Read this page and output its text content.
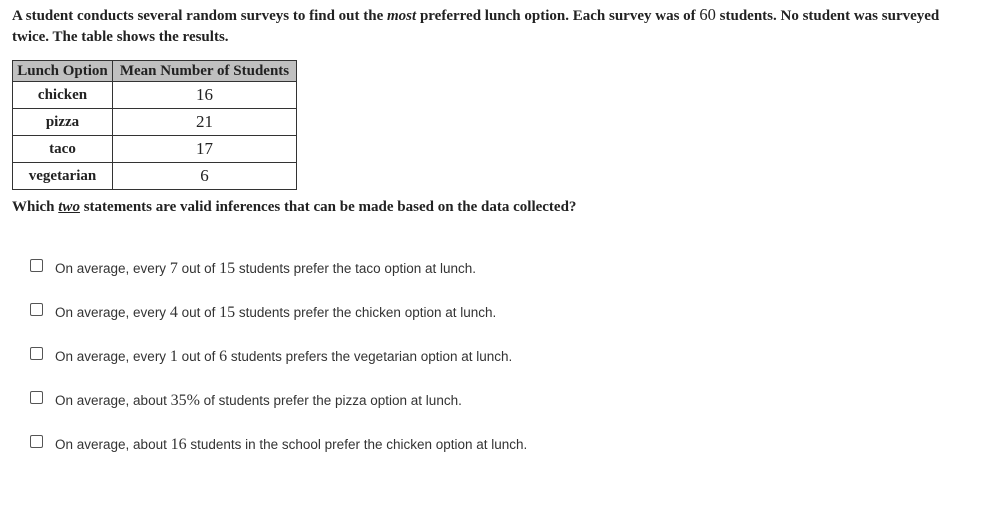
A student conducts several random surveys to find out the most preferred lunch option. Each survey was of 60 students. No student was surveyed
twice. The table shows the results.
Lunch Option	Mean Number of Students
chicken	16
pizza	21
taco	17
vegetarian	6
Which two statements are valid inferences that can be made based on the data collected?
On average, every 7 out of 15 students prefer the taco option at lunch.
On average, every 4 out of 15 students prefer the chicken option at lunch.
On average, every 1 out of 6 students prefers the vegetarian option at lunch.
On average, about 35% of students prefer the pizza option at lunch.
On average, about 16 students in the school prefer the chicken option at lunch.
